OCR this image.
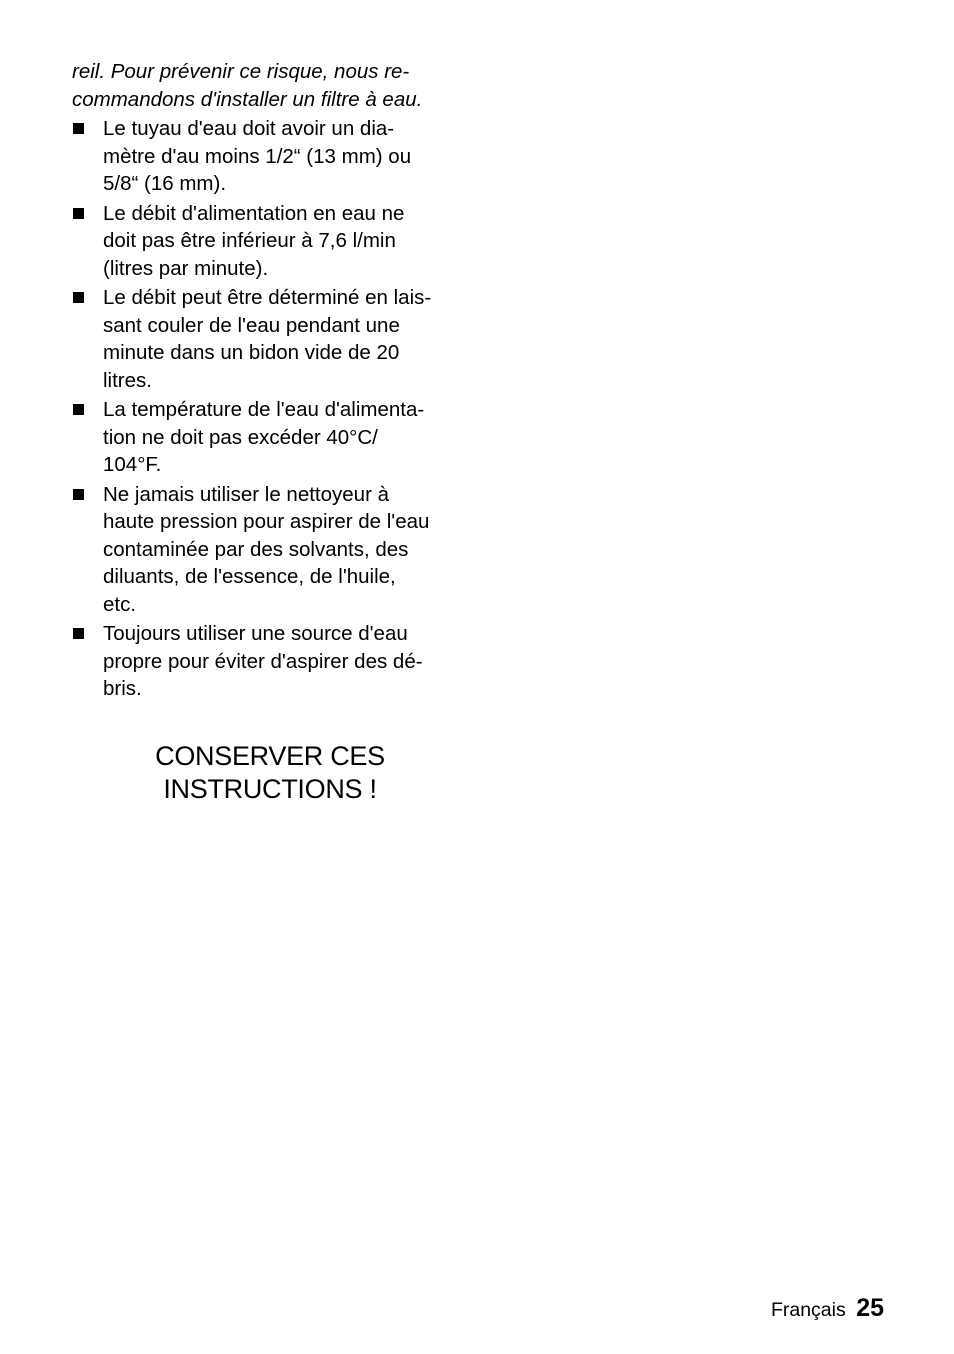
reil. Pour prévenir ce risque, nous re-
commandons d'installer un filtre à eau.

Le tuyau d'eau doit avoir un dia-
mètre d'au moins 1/2“ (13 mm) ou
5/8“ (16 mm).
Le débit d'alimentation en eau ne
doit pas être inférieur à 7,6 l/min
(litres par minute).
Le débit peut être déterminé en lais-
sant couler de l'eau pendant une
minute dans un bidon vide de 20
litres.
La température de l'eau d'alimenta-
tion ne doit pas excéder 40°C/
104°F.
Ne jamais utiliser le nettoyeur à
haute pression pour aspirer de l'eau
contaminée par des solvants, des
diluants, de l'essence, de l'huile,
etc.
Toujours utiliser une source d'eau
propre pour éviter d'aspirer des dé-
bris.
CONSERVER CES
INSTRUCTIONS !
Français 25
